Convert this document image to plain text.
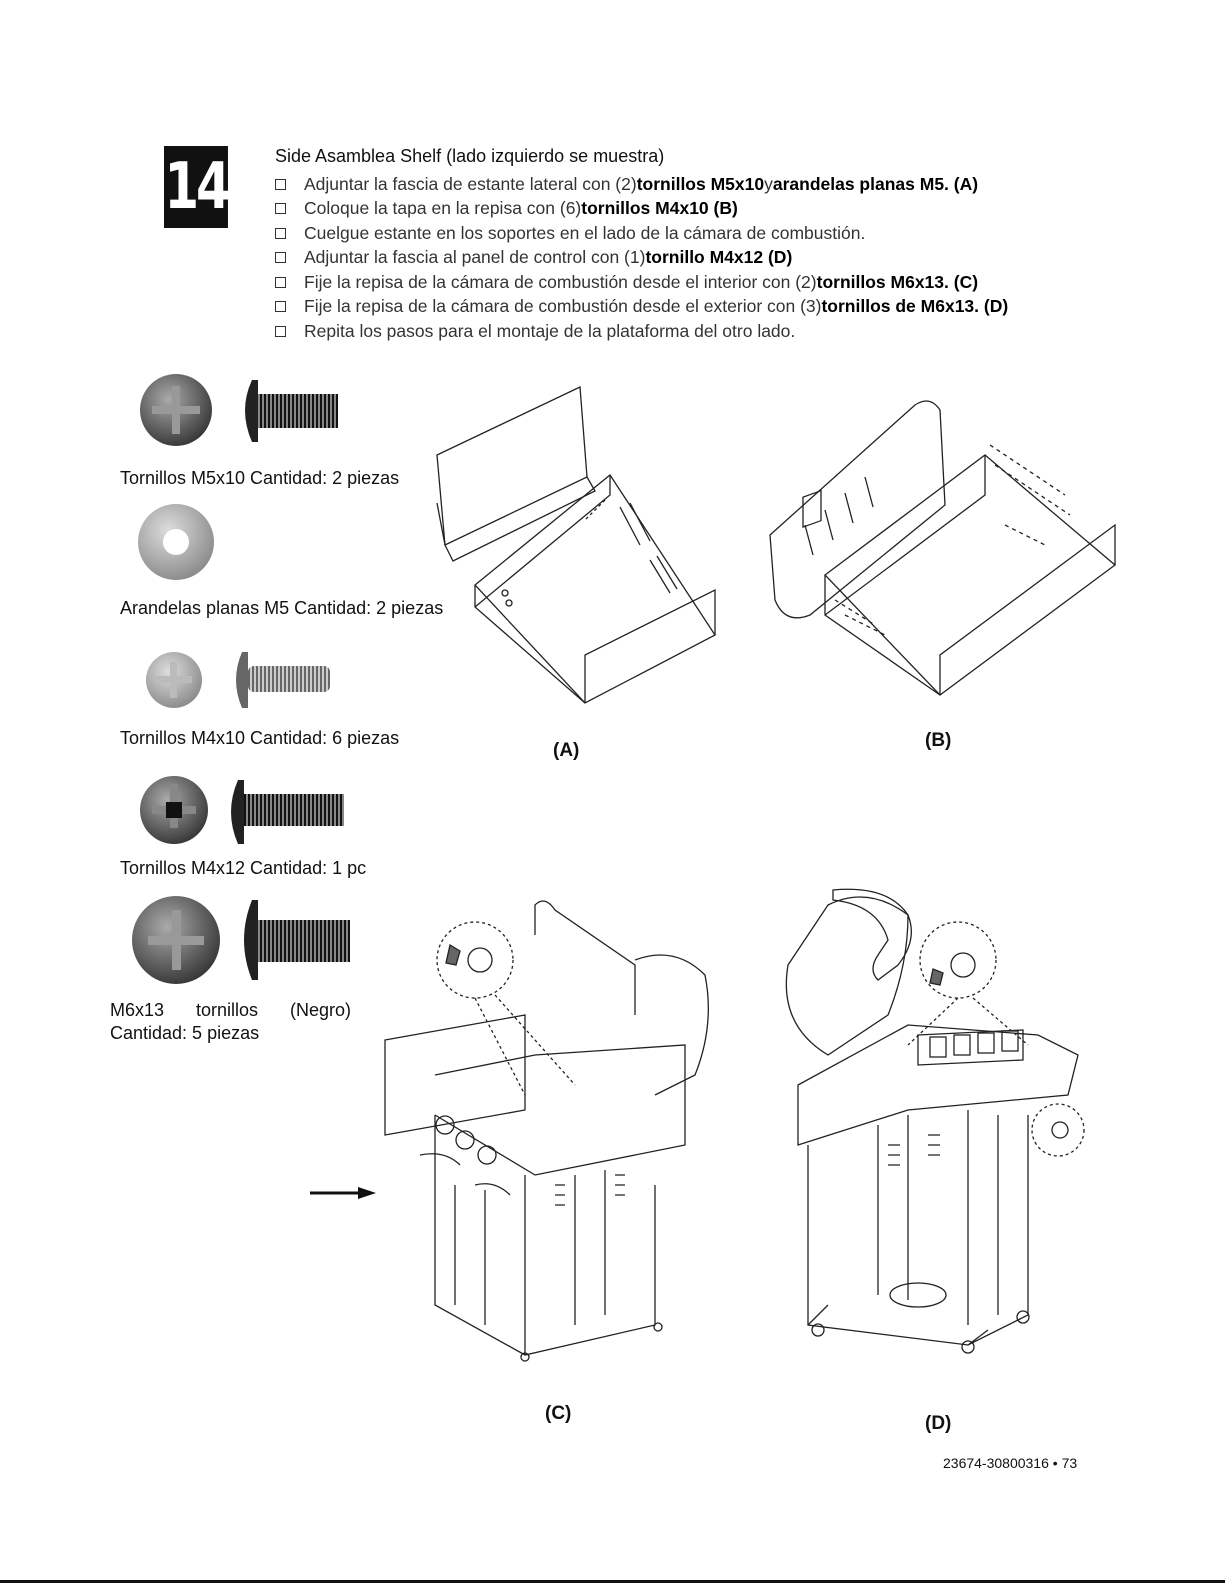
14	Side Asamblea Shelf (lado izquierdo se muestra)
Adjuntar la fascia de estante lateral con (2) tornillos M5x10 y arandelas planas M5. (A)
Coloque la tapa en la repisa con (6) tornillos M4x10 (B)
Cuelgue estante en los soportes en el lado de la cámara de combustión.
Adjuntar la fascia al panel de control con (1) tornillo M4x12 (D)
Fije la repisa de la cámara de combustión desde el interior con (2) tornillos M6x13. (C)
Fije la repisa de la cámara de combustión desde el exterior con (3) tornillos de M6x13. (D)
Repita los pasos para el montaje de la plataforma del otro lado.
Tornillos M5x10 Cantidad: 2 piezas
Arandelas planas M5 Cantidad: 2 piezas
Tornillos M4x10 Cantidad: 6 piezas
Tornillos M4x12 Cantidad: 1 pc
M6x13 tornillos (Negro)
Cantidad: 5 piezas
(A)	(B)
(C)	(D)
23674-30800316 • 73
